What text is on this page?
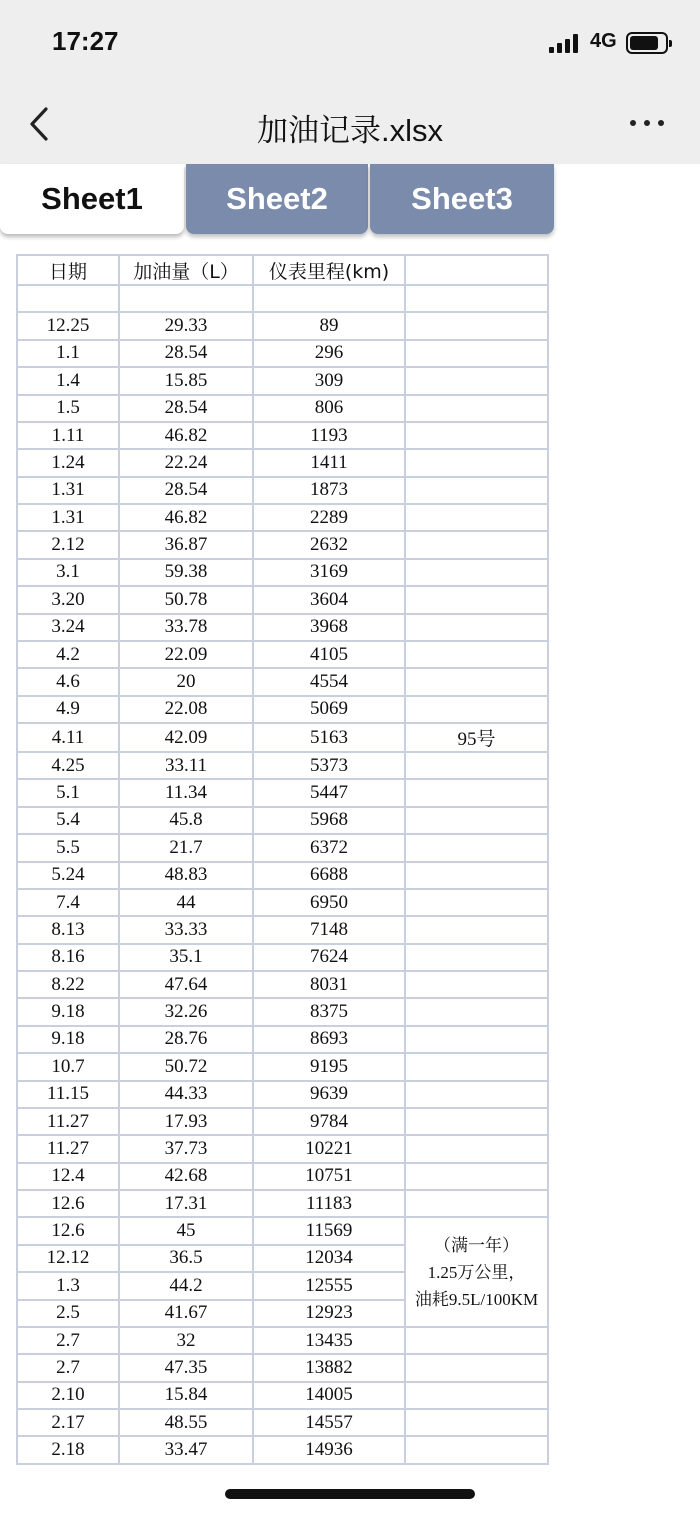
17:27	4G
加油记录.xlsx
Sheet1	Sheet2	Sheet3
日期	加油量（L）	仪表里程(km)	

12.25	29.33	89	
1.1	28.54	296	
1.4	15.85	309	
1.5	28.54	806	
1.11	46.82	1193	
1.24	22.24	1411	
1.31	28.54	1873	
1.31	46.82	2289	
2.12	36.87	2632	
3.1	59.38	3169	
3.20	50.78	3604	
3.24	33.78	3968	
4.2	22.09	4105	
4.6	20	4554	
4.9	22.08	5069	
4.11	42.09	5163	95号
4.25	33.11	5373	
5.1	11.34	5447	
5.4	45.8	5968	
5.5	21.7	6372	
5.24	48.83	6688	
7.4	44	6950	
8.13	33.33	7148	
8.16	35.1	7624	
8.22	47.64	8031	
9.18	32.26	8375	
9.18	28.76	8693	
10.7	50.72	9195	
11.15	44.33	9639	
11.27	17.93	9784	
11.27	37.73	10221	
12.4	42.68	10751	
12.6	17.31	11183	
12.6	45	11569	（满一年）
1.25万公里，
油耗9.5L/100KM

12.12	36.5	12034	
1.3	44.2	12555	
2.5	41.67	12923	
2.7	32	13435	
2.7	47.35	13882	
2.10	15.84	14005	
2.17	48.55	14557	
2.18	33.47	14936	
